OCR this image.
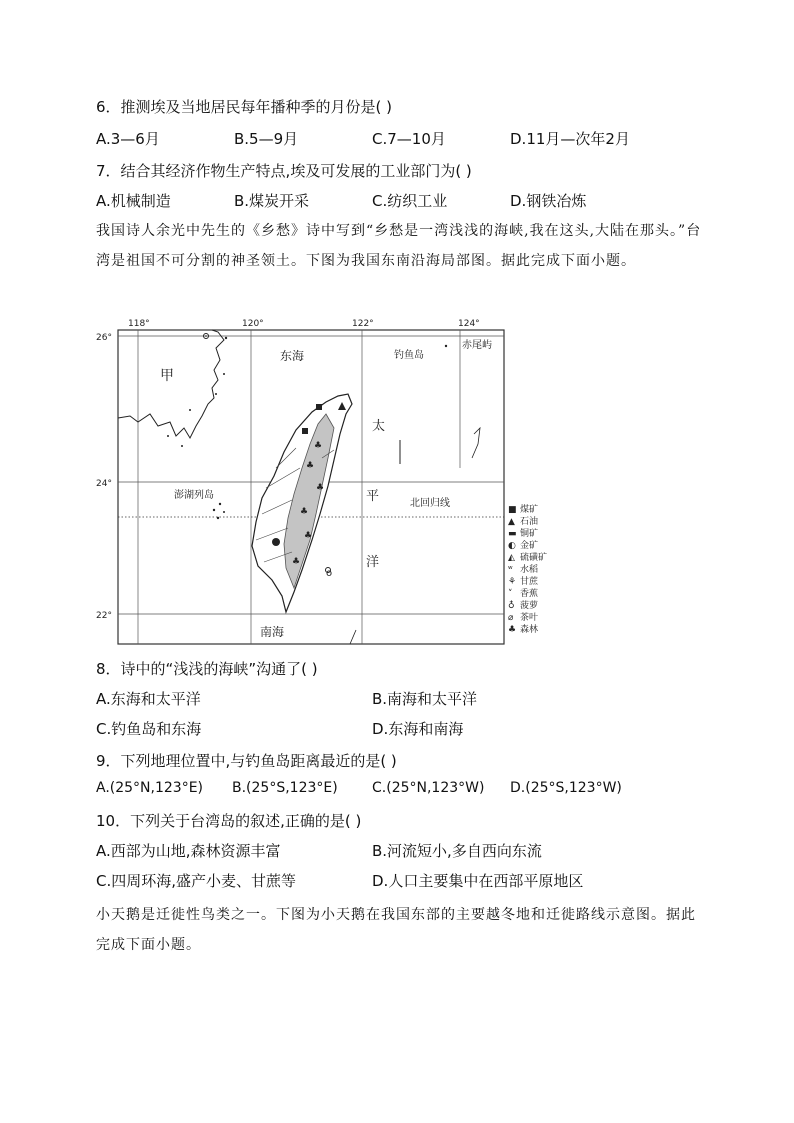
6．推测埃及当地居民每年播种季的月份是( )
A.3—6月	B.5—9月	C.7—10月	D.11月—次年2月
7．结合其经济作物生产特点,埃及可发展的工业部门为( )
A.机械制造	B.煤炭开采	C.纺织工业	D.钢铁冶炼
我国诗人余光中先生的《乡愁》诗中写到“乡愁是一湾浅浅的海峡,我在这头,大陆在那头。”台湾是祖国不可分割的神圣领土。下图为我国东南沿海局部图。据此完成下面小题。
118°	120°	122°	124°
26°
24°
22°
♣
♣
♣
♣
♣
♣
甲
东海	钓鱼岛
赤尾屿
太
平
洋
澎湖列岛
北回归线
南海
o
■ 煤矿
▲ 石油
▬ 铜矿
◐ 金矿
◭ 硫磺矿
ʷ 水稻
⚘ 甘蔗
˅ 香蕉
♁ 菠萝
⌀ 茶叶
♣ 森林
8．诗中的“浅浅的海峡”沟通了( )
A.东海和太平洋	B.南海和太平洋
C.钓鱼岛和东海	D.东海和南海
9．下列地理位置中,与钓鱼岛距离最近的是( )
A.(25°N,123°E) B.(25°S,123°E) C.(25°N,123°W) D.(25°S,123°W)
10．下列关于台湾岛的叙述,正确的是( )
A.西部为山地,森林资源丰富	B.河流短小,多自西向东流
C.四周环海,盛产小麦、甘蔗等	D.人口主要集中在西部平原地区
小天鹅是迁徙性鸟类之一。下图为小天鹅在我国东部的主要越冬地和迁徙路线示意图。据此完成下面小题。
